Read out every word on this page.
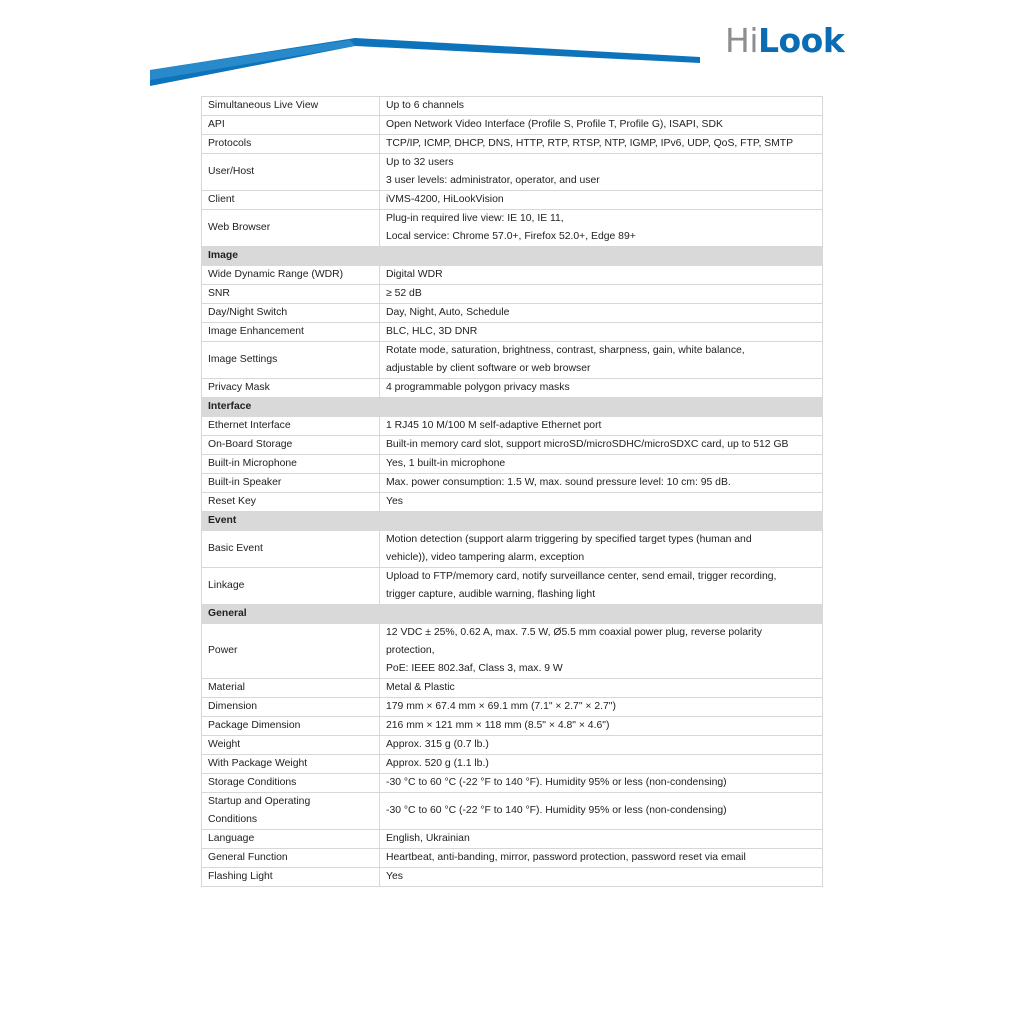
HiLook
Simultaneous Live View	Up to 6 channels

API	Open Network Video Interface (Profile S, Profile T, Profile G), ISAPI, SDK

Protocols	TCP/IP, ICMP, DHCP, DNS, HTTP, RTP, RTSP, NTP, IGMP, IPv6, UDP, QoS, FTP, SMTP

User/Host	Up to 32 users
3 user levels: administrator, operator, and user

Client	iVMS-4200, HiLookVision

Web Browser	Plug-in required live view: IE 10, IE 11,
Local service: Chrome 57.0+, Firefox 52.0+, Edge 89+

Image	

Wide Dynamic Range (WDR)	Digital WDR

SNR	≥ 52 dB

Day/Night Switch	Day, Night, Auto, Schedule

Image Enhancement	BLC, HLC, 3D DNR

Image Settings	Rotate mode, saturation, brightness, contrast, sharpness, gain, white balance,
adjustable by client software or web browser

Privacy Mask	4 programmable polygon privacy masks

Interface	

Ethernet Interface	1 RJ45 10 M/100 M self-adaptive Ethernet port

On-Board Storage	Built-in memory card slot, support microSD/microSDHC/microSDXC card, up to 512 GB

Built-in Microphone	Yes, 1 built-in microphone

Built-in Speaker	Max. power consumption: 1.5 W, max. sound pressure level: 10 cm: 95 dB.

Reset Key	Yes

Event	

Basic Event	Motion detection (support alarm triggering by specified target types (human and
vehicle)), video tampering alarm, exception

Linkage	Upload to FTP/memory card, notify surveillance center, send email, trigger recording,
trigger capture, audible warning, flashing light

General	

Power	12 VDC ± 25%, 0.62 A, max. 7.5 W, Ø5.5 mm coaxial power plug, reverse polarity
protection,
PoE: IEEE 802.3af, Class 3, max. 9 W

Material	Metal & Plastic

Dimension	179 mm × 67.4 mm × 69.1 mm (7.1" × 2.7" × 2.7")

Package Dimension	216 mm × 121 mm × 118 mm (8.5" × 4.8" × 4.6")

Weight	Approx. 315 g (0.7 lb.)

With Package Weight	Approx. 520 g (1.1 lb.)

Storage Conditions	-30 °C to 60 °C (-22 °F to 140 °F). Humidity 95% or less (non-condensing)

Startup and Operating
Conditions	-30 °C to 60 °C (-22 °F to 140 °F). Humidity 95% or less (non-condensing)

Language	English, Ukrainian

General Function	Heartbeat, anti-banding, mirror, password protection, password reset via email

Flashing Light	Yes
